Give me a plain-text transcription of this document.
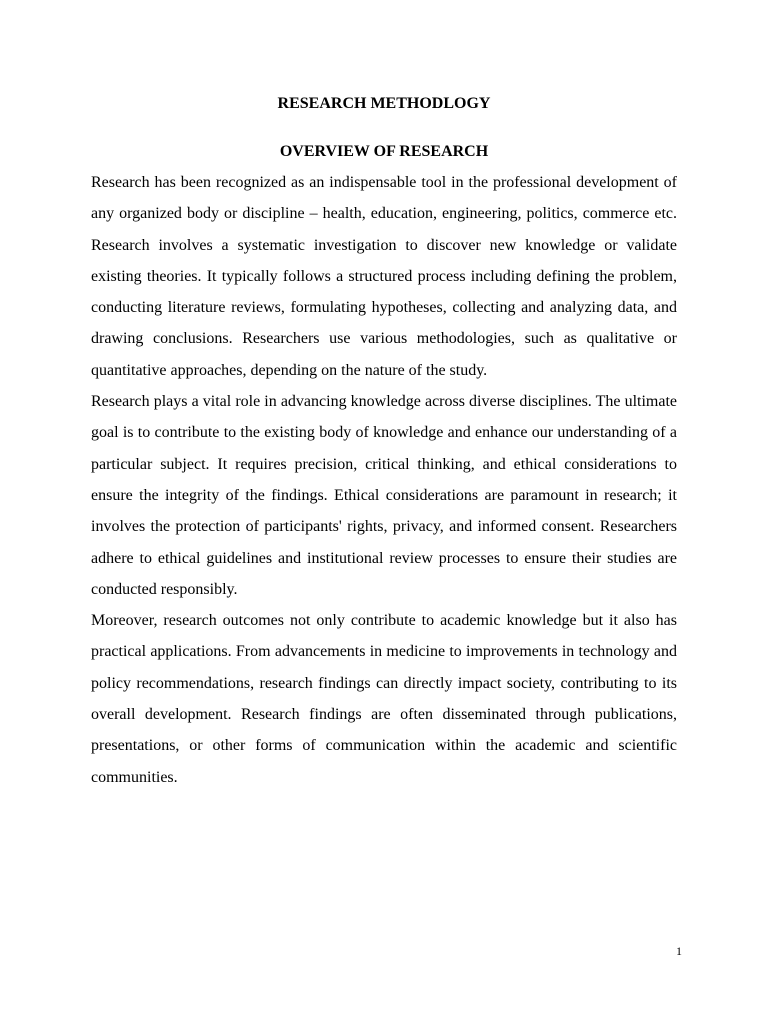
RESEARCH METHODLOGY
OVERVIEW OF RESEARCH

Research has been recognized as an indispensable tool in the professional development of any organized body or discipline – health, education, engineering, politics, commerce etc. Research involves a systematic investigation to discover new knowledge or validate existing theories. It typically follows a structured process including defining the problem, conducting literature reviews, formulating hypotheses, collecting and analyzing data, and drawing conclusions. Researchers use various methodologies, such as qualitative or quantitative approaches, depending on the nature of the study.

Research plays a vital role in advancing knowledge across diverse disciplines. The ultimate goal is to contribute to the existing body of knowledge and enhance our understanding of a particular subject. It requires precision, critical thinking, and ethical considerations to ensure the integrity of the findings. Ethical considerations are paramount in research; it involves the protection of participants' rights, privacy, and informed consent. Researchers adhere to ethical guidelines and institutional review processes to ensure their studies are conducted responsibly.

Moreover, research outcomes not only contribute to academic knowledge but it also has practical applications. From advancements in medicine to improvements in technology and policy recommendations, research findings can directly impact society, contributing to its overall development. Research findings are often disseminated through publications, presentations, or other forms of communication within the academic and scientific communities.

1
